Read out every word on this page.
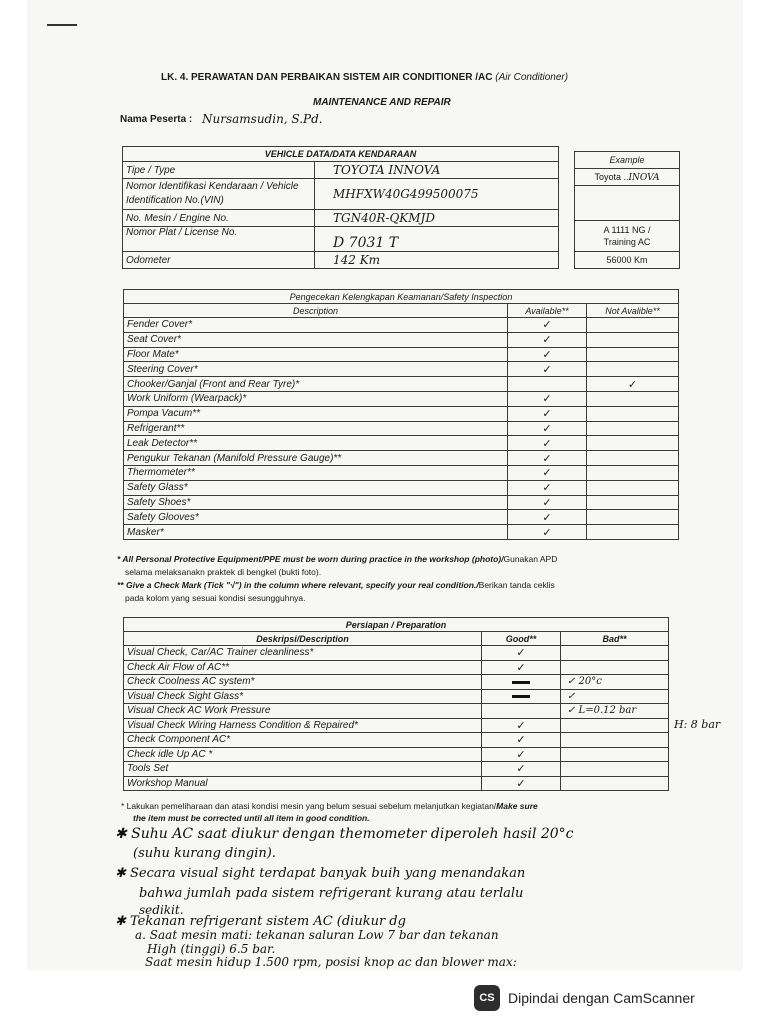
LK. 4. PERAWATAN DAN PERBAIKAN SISTEM AIR CONDITIONER /AC (Air Conditioner)
MAINTENANCE AND REPAIR
Nama Peserta : Nursamsudin, S.Pd.
VEHICLE DATA/DATA KENDARAAN	
Tipe / Type	TOYOTA INNOVA
Nomor Identifikasi Kendaraan / Vehicle Identification No.(VIN)	MHFXW40G499500075
No. Mesin / Engine No.	TGN40R-QKMJD
Nomor Plat / License No.	D 7031 T
Odometer	142 Km
Example
Toyota ..INOVA

A 1111 NG /
Training AC

56000 Km
Pengecekan Kelengkapan Keamanan/Safety Inspection		
Description	Available**	Not Avalible**
Fender Cover*	✓	
Seat Cover*	✓	
Floor Mate*	✓	
Steering Cover*	✓	
Chooker/Ganjal (Front and Rear Tyre)*		✓
Work Uniform (Wearpack)*	✓	
Pompa Vacum**	✓	
Refrigerant**	✓	
Leak Detector**	✓	
Pengukur Tekanan (Manifold Pressure Gauge)**	✓	
Thermometer**	✓	
Safety Glass*	✓	
Safety Shoes*	✓	
Safety Glooves*	✓	
Masker*	✓	
* All Personal Protective Equipment/PPE must be worn during practice in the workshop (photo)/Gunakan APD
selama melaksanakn praktek di bengkel (bukti foto).
** Give a Check Mark (Tick "√") in the column where relevant, specify your real condition./Berikan tanda ceklis
pada kolom yang sesuai kondisi sesungguhnya.
Persiapan / Preparation		
Deskripsi/Description	Good**	Bad**
Visual Check, Car/AC Trainer cleanliness*	✓	
Check Air Flow of AC**	✓	
Check Coolness AC system*		✓ 20°c
Visual Check Sight Glass*		✓
Visual Check AC Work Pressure		✓ L=0.12 bar
Visual Check Wiring Harness Condition & Repaired*	✓	
Check Component AC*	✓	
Check idle Up AC *	✓	
Tools Set	✓	
Workshop Manual	✓	
H: 8 bar
* Lakukan pemeliharaan dan atasi kondisi mesin yang belum sesuai sebelum melanjutkan kegiatan/Make sure
the item must be corrected until all item in good condition.
✱ Suhu AC saat diukur dengan themometer diperoleh hasil 20°c
(suhu kurang dingin).
✱ Secara visual sight terdapat banyak buih yang menandakan
bahwa jumlah pada sistem refrigerant kurang atau terlalu
sedikit.
✱ Tekanan refrigerant sistem AC (diukur dg
a. Saat mesin mati: tekanan saluran Low 7 bar dan tekanan
High (tinggi) 6.5 bar.
Saat mesin hidup 1.500 rpm, posisi knop ac dan blower max:
CS Dipindai dengan CamScanner
